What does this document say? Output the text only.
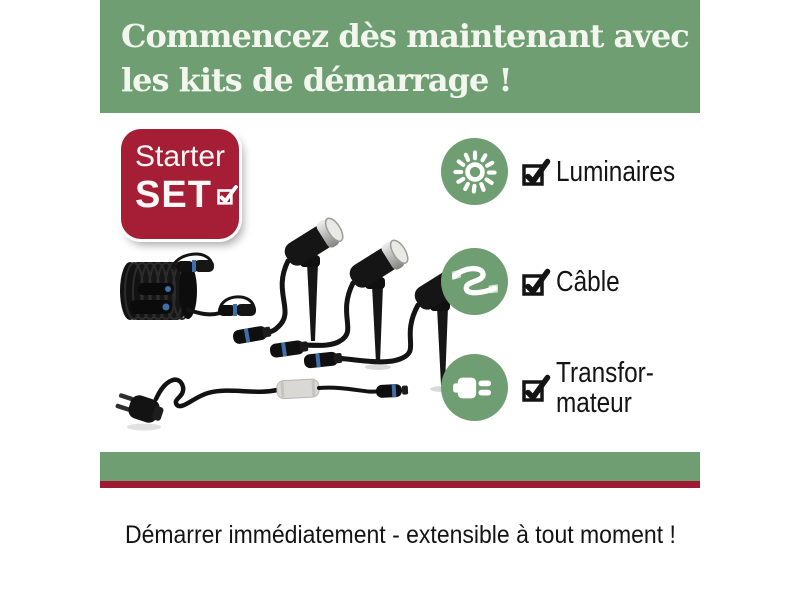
Commencez dès maintenant avec
les kits de démarrage !
Starter
SET
Luminaires
Câble
Transfor-
mateur
Démarrer immédiatement - extensible à tout moment !
